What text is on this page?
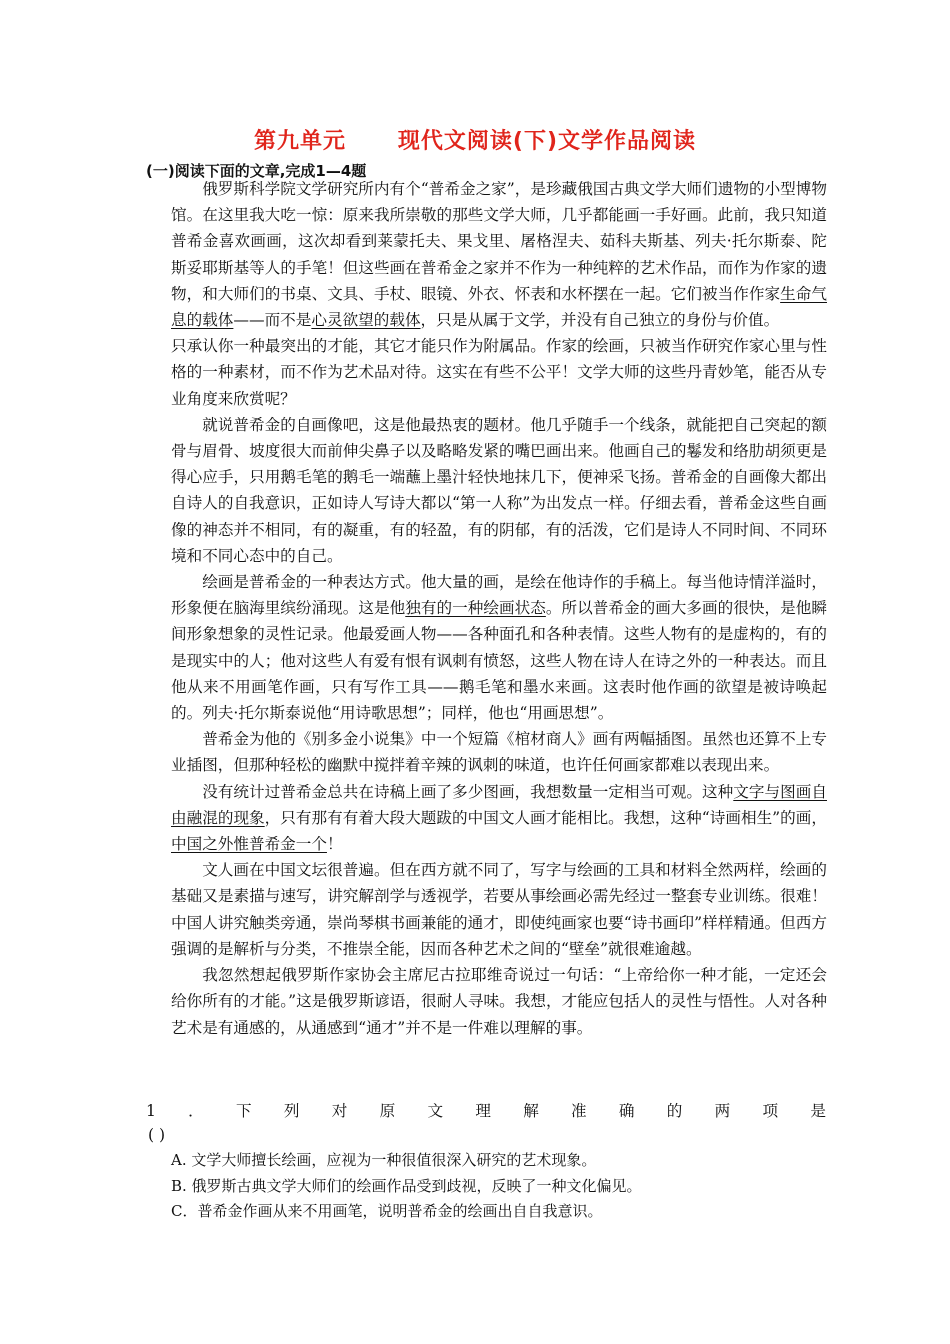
第九单元      现代文阅读(下)文学作品阅读
(一)阅读下面的文章,完成1—4题

俄罗斯科学院文学研究所内有个“普希金之家”，是珍藏俄国古典文学大师们遗物的小型博物馆。在这里我大吃一惊：原来我所崇敬的那些文学大师，几乎都能画一手好画。此前，我只知道普希金喜欢画画，这次却看到莱蒙托夫、果戈里、屠格涅夫、茹科夫斯基、列夫·托尔斯泰、陀斯妥耶斯基等人的手笔！但这些画在普希金之家并不作为一种纯粹的艺术作品，而作为作家的遗物，和大师们的书桌、文具、手杖、眼镜、外衣、怀表和水杯摆在一起。它们被当作作家生命气息的载体——而不是心灵欲望的载体，只是从属于文学，并没有自己独立的身份与价值。

只承认你一种最突出的才能，其它才能只作为附属品。作家的绘画，只被当作研究作家心里与性格的一种素材，而不作为艺术品对待。这实在有些不公平！文学大师的这些丹青妙笔，能否从专业角度来欣赏呢？

就说普希金的自画像吧，这是他最热衷的题材。他几乎随手一个线条，就能把自己突起的额骨与眉骨、坡度很大而前伸尖鼻子以及略略发紧的嘴巴画出来。他画自己的鬈发和络肋胡须更是得心应手，只用鹅毛笔的鹅毛一端蘸上墨汁轻快地抹几下，便神采飞扬。普希金的自画像大都出自诗人的自我意识，正如诗人写诗大都以“第一人称”为出发点一样。仔细去看，普希金这些自画像的神态并不相同，有的凝重，有的轻盈，有的阴郁，有的活泼，它们是诗人不同时间、不同环境和不同心态中的自己。

绘画是普希金的一种表达方式。他大量的画，是绘在他诗作的手稿上。每当他诗情洋溢时，形象便在脑海里缤纷涌现。这是他独有的一种绘画状态。所以普希金的画大多画的很快，是他瞬间形象想象的灵性记录。他最爱画人物——各种面孔和各种表情。这些人物有的是虚构的，有的是现实中的人；他对这些人有爱有恨有讽刺有愤怒，这些人物在诗人在诗之外的一种表达。而且他从来不用画笔作画，只有写作工具——鹅毛笔和墨水来画。这表时他作画的欲望是被诗唤起的。列夫·托尔斯泰说他“用诗歌思想”；同样，他也“用画思想”。

普希金为他的《别多金小说集》中一个短篇《棺材商人》画有两幅插图。虽然也还算不上专业插图，但那种轻松的幽默中搅拌着辛辣的讽刺的味道，也许任何画家都难以表现出来。

没有统计过普希金总共在诗稿上画了多少图画，我想数量一定相当可观。这种文字与图画自由融混的现象，只有那有有着大段大题跋的中国文人画才能相比。我想，这种“诗画相生”的画，中国之外惟普希金一个！

文人画在中国文坛很普遍。但在西方就不同了，写字与绘画的工具和材料全然两样，绘画的基础又是素描与速写，讲究解剖学与透视学，若要从事绘画必需先经过一整套专业训练。很难！中国人讲究触类旁通，崇尚琴棋书画兼能的通才，即使纯画家也要“诗书画印”样样精通。但西方强调的是解析与分类，不推崇全能，因而各种艺术之间的“壁垒”就很难逾越。

我忽然想起俄罗斯作家协会主席尼古拉耶维奇说过一句话：“上帝给你一种才能，一定还会给你所有的才能。”这是俄罗斯谚语，很耐人寻味。我想，才能应包括人的灵性与悟性。人对各种艺术是有通感的，从通感到“通才”并不是一件难以理解的事。

1 ． 下 列 对 原 文 理 解 准 确 的 两 项 是
( )
A. 文学大师擅长绘画，应视为一种很值很深入研究的艺术现象。
B. 俄罗斯古典文学大师们的绘画作品受到歧视，反映了一种文化偏见。
C．普希金作画从来不用画笔，说明普希金的绘画出自自我意识。
